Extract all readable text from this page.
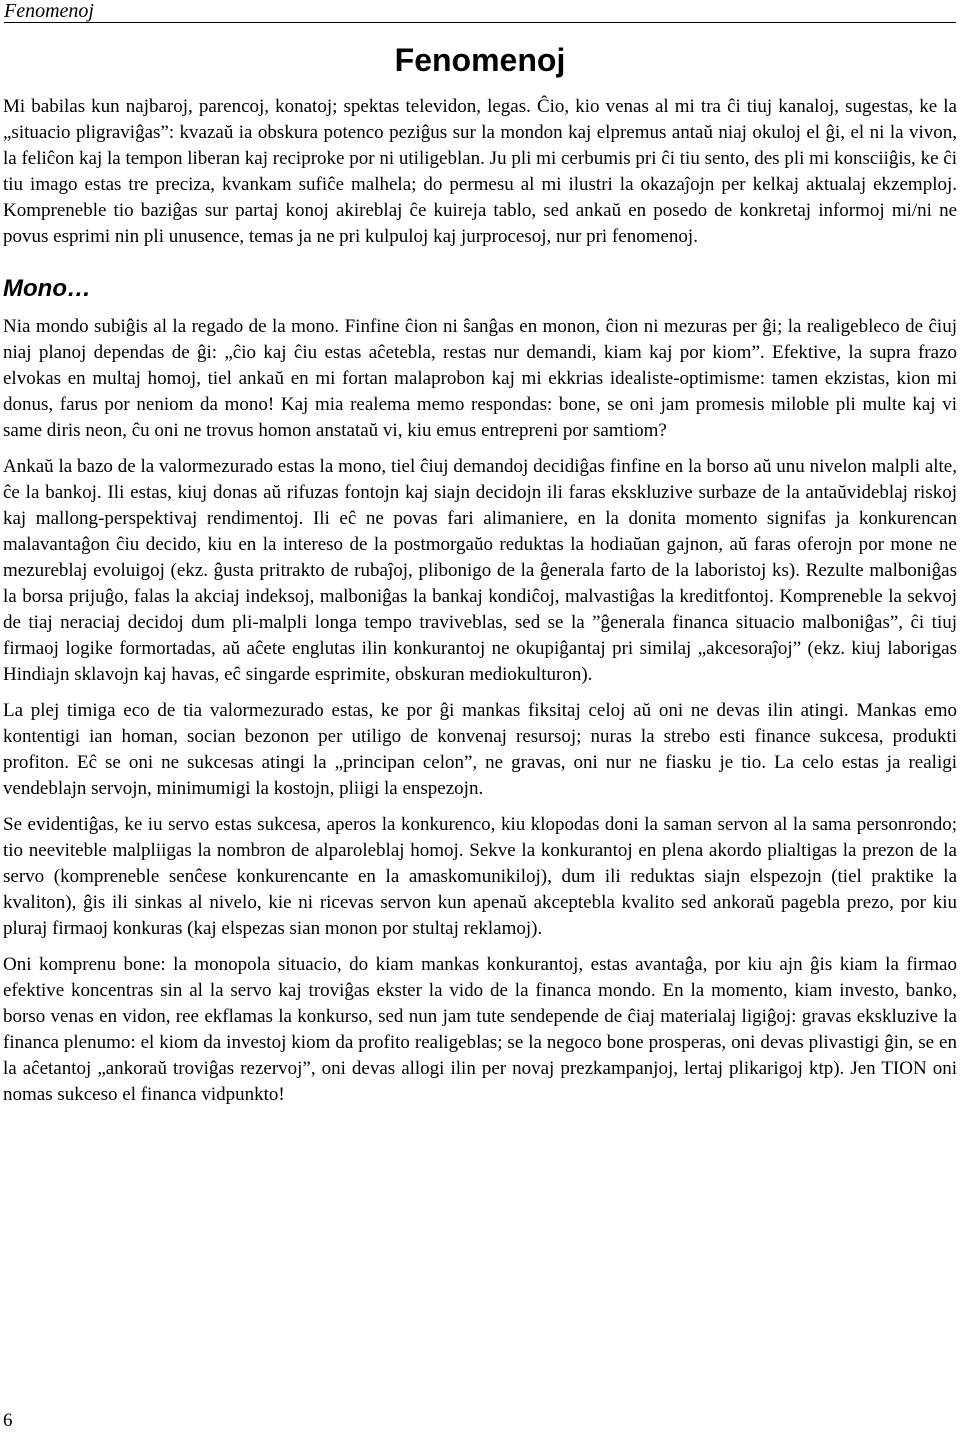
Fenomenoj
Fenomenoj

Mi babilas kun najbaroj, parencoj, konatoj; spektas televidon, legas. Ĉio, kio venas al mi tra ĉi tiuj kanaloj, sugestas, ke la „situacio pligraviĝas”: kvazaŭ ia obskura potenco peziĝus sur la mondon kaj elpremus antaŭ niaj okuloj el ĝi, el ni la vivon, la feliĉon kaj la tempon liberan kaj reciproke por ni utiligeblan. Ju pli mi cerbumis pri ĉi tiu sento, des pli mi konsciiĝis, ke ĉi tiu imago estas tre preciza, kvankam sufiĉe malhela; do permesu al mi ilustri la okazaĵojn per kelkaj aktualaj ekzemploj. Kompreneble tio baziĝas sur partaj konoj akireblaj ĉe kuireja tablo, sed ankaŭ en posedo de konkretaj informoj mi/ni ne povus esprimi nin pli unusence, temas ja ne pri kulpuloj kaj jurprocesoj, nur pri fenomenoj.

Mono…

Nia mondo subiĝis al la regado de la mono. Finfine ĉion ni ŝanĝas en monon, ĉion ni mezuras per ĝi; la realigebleco de ĉiuj niaj planoj dependas de ĝi: „ĉio kaj ĉiu estas aĉetebla, restas nur demandi, kiam kaj por kiom”. Efektive, la supra frazo elvokas en multaj homoj, tiel ankaŭ en mi fortan malaprobon kaj mi ekkrias idealiste-optimisme: tamen ekzistas, kion mi donus, farus por neniom da mono! Kaj mia realema memo respondas: bone, se oni jam promesis miloble pli multe kaj vi same diris neon, ĉu oni ne trovus homon anstataŭ vi, kiu emus entrepreni por samtiom?

Ankaŭ la bazo de la valormezurado estas la mono, tiel ĉiuj demandoj decidiĝas finfine en la borso aŭ unu nivelon malpli alte, ĉe la bankoj. Ili estas, kiuj donas aŭ rifuzas fontojn kaj siajn decidojn ili faras ekskluzive surbaze de la antaŭvideblaj riskoj kaj mallong-perspektivaj rendimentoj. Ili eĉ ne povas fari alimaniere, en la donita momento signifas ja konkurencan malavantaĝon ĉiu decido, kiu en la intereso de la postmorgaŭo reduktas la hodiaŭan gajnon, aŭ faras oferojn por mone ne mezureblaj evoluigoj (ekz. ĝusta pritrakto de rubaĵoj, plibonigo de la ĝenerala farto de la laboristoj ks). Rezulte malboniĝas la borsa prijuĝo, falas la akciaj indeksoj, malboniĝas la bankaj kondiĉoj, malvastiĝas la kreditfontoj. Kompreneble la sekvoj de tiaj neraciaj decidoj dum pli-malpli longa tempo traviveblas, sed se la ”ĝenerala financa situacio malboniĝas”, ĉi tiuj firmaoj logike formortadas, aŭ aĉete englutas ilin konkurantoj ne okupiĝantaj pri similaj „akcesoraĵoj” (ekz. kiuj laborigas Hindiajn sklavojn kaj havas, eĉ singarde esprimite, obskuran mediokulturon).

La plej timiga eco de tia valormezurado estas, ke por ĝi mankas fiksitaj celoj aŭ oni ne devas ilin atingi. Mankas emo kontentigi ian homan, socian bezonon per utiligo de konvenaj resursoj; nuras la strebo esti finance sukcesa, produkti profiton. Eĉ se oni ne sukcesas atingi la „principan celon”, ne gravas, oni nur ne fiasku je tio. La celo estas ja realigi vendeblajn servojn, minimumigi la kostojn, pliigi la enspezojn.

Se evidentiĝas, ke iu servo estas sukcesa, aperos la konkurenco, kiu klopodas doni la saman servon al la sama personrondo; tio neeviteble malpliigas la nombron de alparoleblaj homoj. Sekve la konkurantoj en plena akordo plialtigas la prezon de la servo (kompreneble senĉese konkurencante en la amaskomunikiloj), dum ili reduktas siajn elspezojn (tiel praktike la kvaliton), ĝis ili sinkas al nivelo, kie ni ricevas servon kun apenaŭ akceptebla kvalito sed ankoraŭ pagebla prezo, por kiu pluraj firmaoj konkuras (kaj elspezas sian monon por stultaj reklamoj).

Oni komprenu bone: la monopola situacio, do kiam mankas konkurantoj, estas avantaĝa, por kiu ajn ĝis kiam la firmao efektive koncentras sin al la servo kaj troviĝas ekster la vido de la financa mondo. En la momento, kiam investo, banko, borso venas en vidon, ree ekflamas la konkurso, sed nun jam tute sendepende de ĉiaj materialaj ligiĝoj: gravas ekskluzive la financa plenumo: el kiom da investoj kiom da profito realigeblas; se la negoco bone prosperas, oni devas plivastigi ĝin, se en la aĉetantoj „ankoraŭ troviĝas rezervoj”, oni devas allogi ilin per novaj prezkampanjoj, lertaj plikarigoj ktp). Jen TION oni nomas sukceso el financa vidpunkto!

6
